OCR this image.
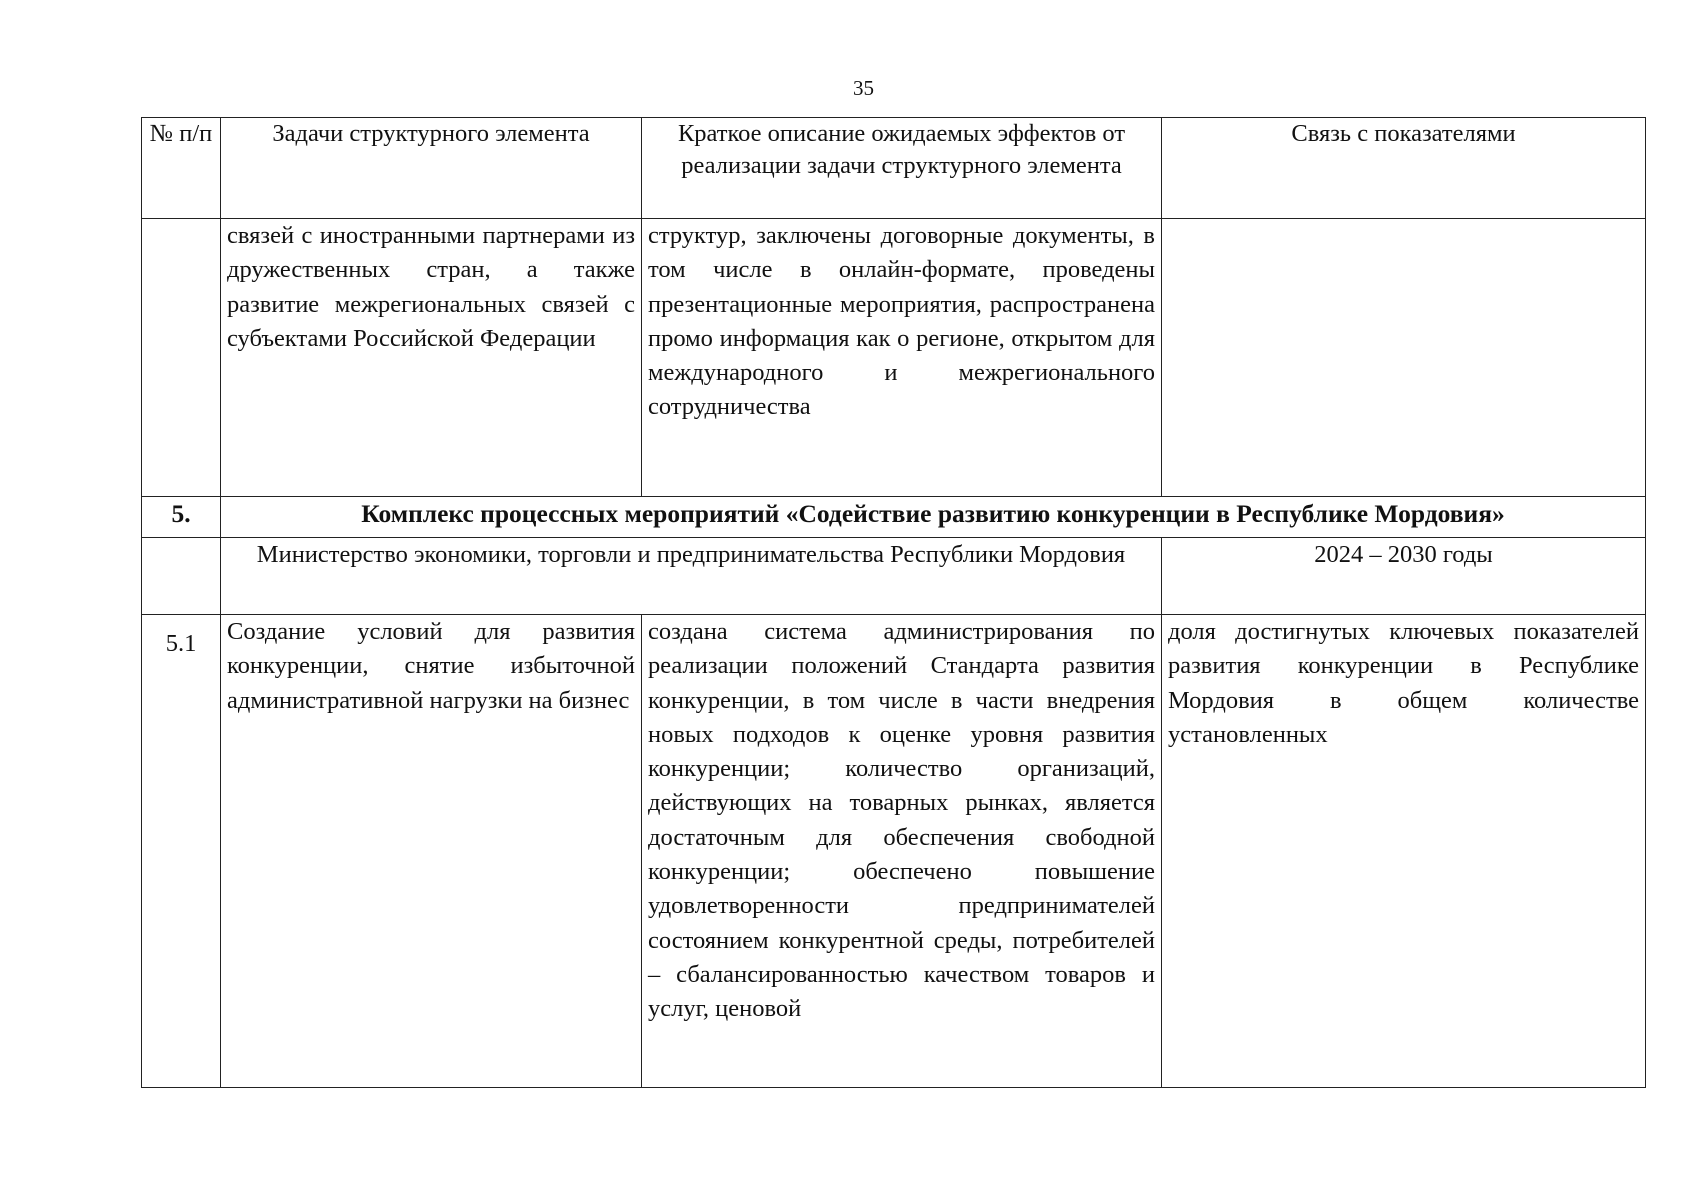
35
№ п/п	Задачи структурного элемента	Краткое описание ожидаемых эффектов от реализации задачи структурного элемента	Связь с показателями
	связей с иностранными партнерами из дружественных стран, а также развитие межрегиональных связей с субъектами Российской Федерации	структур, заключены договорные документы, в том числе в онлайн-формате, проведены презентационные мероприятия, распространена промо информация как о регионе, открытом для международного и межрегионального сотрудничества	
5.	Комплекс процессных мероприятий «Содействие развитию конкуренции в Республике Мордовия»		
	Министерство экономики, торговли и предпринимательства Республики Мордовия		2024 – 2030 годы
5.1	Создание условий для развития конкуренции, снятие избыточной административной нагрузки на бизнес	создана система администрирования по реализации положений Стандарта развития конкуренции, в том числе в части внедрения новых подходов к оценке уровня развития конкуренции; количество организаций, действующих на товарных рынках, является достаточным для обеспечения свободной конкуренции; обеспечено повышение удовлетворенности предпринимателей состоянием конкурентной среды, потребителей – сбалансированностью качеством товаров и услуг, ценовой	доля достигнутых ключевых показателей развития конкуренции в Республике Мордовия в общем количестве установленных
